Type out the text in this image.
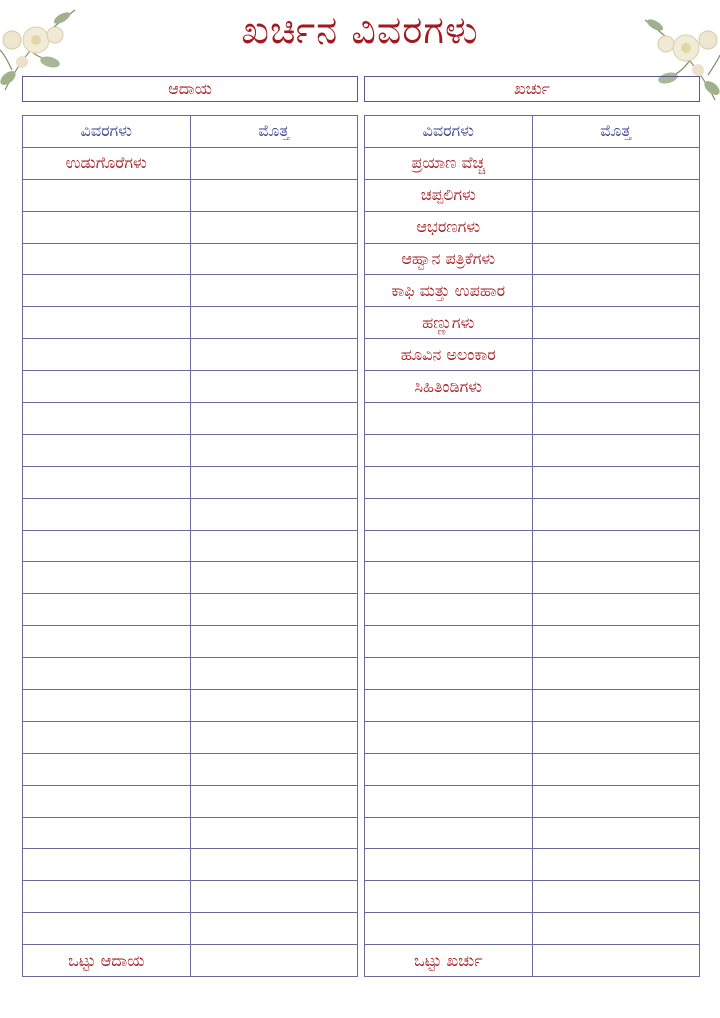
ಖರ್ಚಿನ ವಿವರಗಳು
ಆದಾಯ	ಖರ್ಚು
ವಿವರಗಳು	ಮೊತ್ತ
ಉಡುಗೊರೆಗಳು	

ಒಟ್ಟು ಆದಾಯ	
ವಿವರಗಳು	ಮೊತ್ತ
ಪ್ರಯಾಣ ವೆಚ್ಚ	
ಚಪ್ಪಲಿಗಳು	
ಆಭರಣಗಳು	
ಆಹ್ವಾನ ಪತ್ರಿಕೆಗಳು	
ಕಾಫಿ ಮತ್ತು ಉಪಹಾರ	
ಹಣ್ಣುಗಳು	
ಹೂವಿನ ಅಲಂಕಾರ	
ಸಿಹಿತಿಂಡಿಗಳು	

ಒಟ್ಟು ಖರ್ಚು	
